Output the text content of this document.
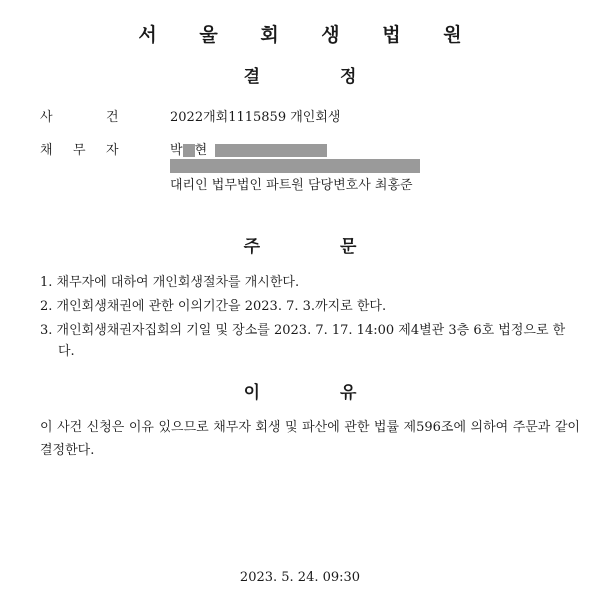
서 울 회 생 법 원
결	정
사	건	2022개회1115859 개인회생
채 무 자	박 현
대리인 법무법인 파트원 담당변호사 최홍준
주	문
1. 채무자에 대하여 개인회생절차를 개시한다.
2. 개인회생채권에 관한 이의기간을 2023. 7. 3.까지로 한다.
3. 개인회생채권자집회의 기일 및 장소를 2023. 7. 17. 14:00 제4별관 3층 6호 법정으로 한다.
이	유
이 사건 신청은 이유 있으므로 채무자 회생 및 파산에 관한 법률 제596조에 의하여 주문과 같이 결정한다.
2023. 5. 24. 09:30
